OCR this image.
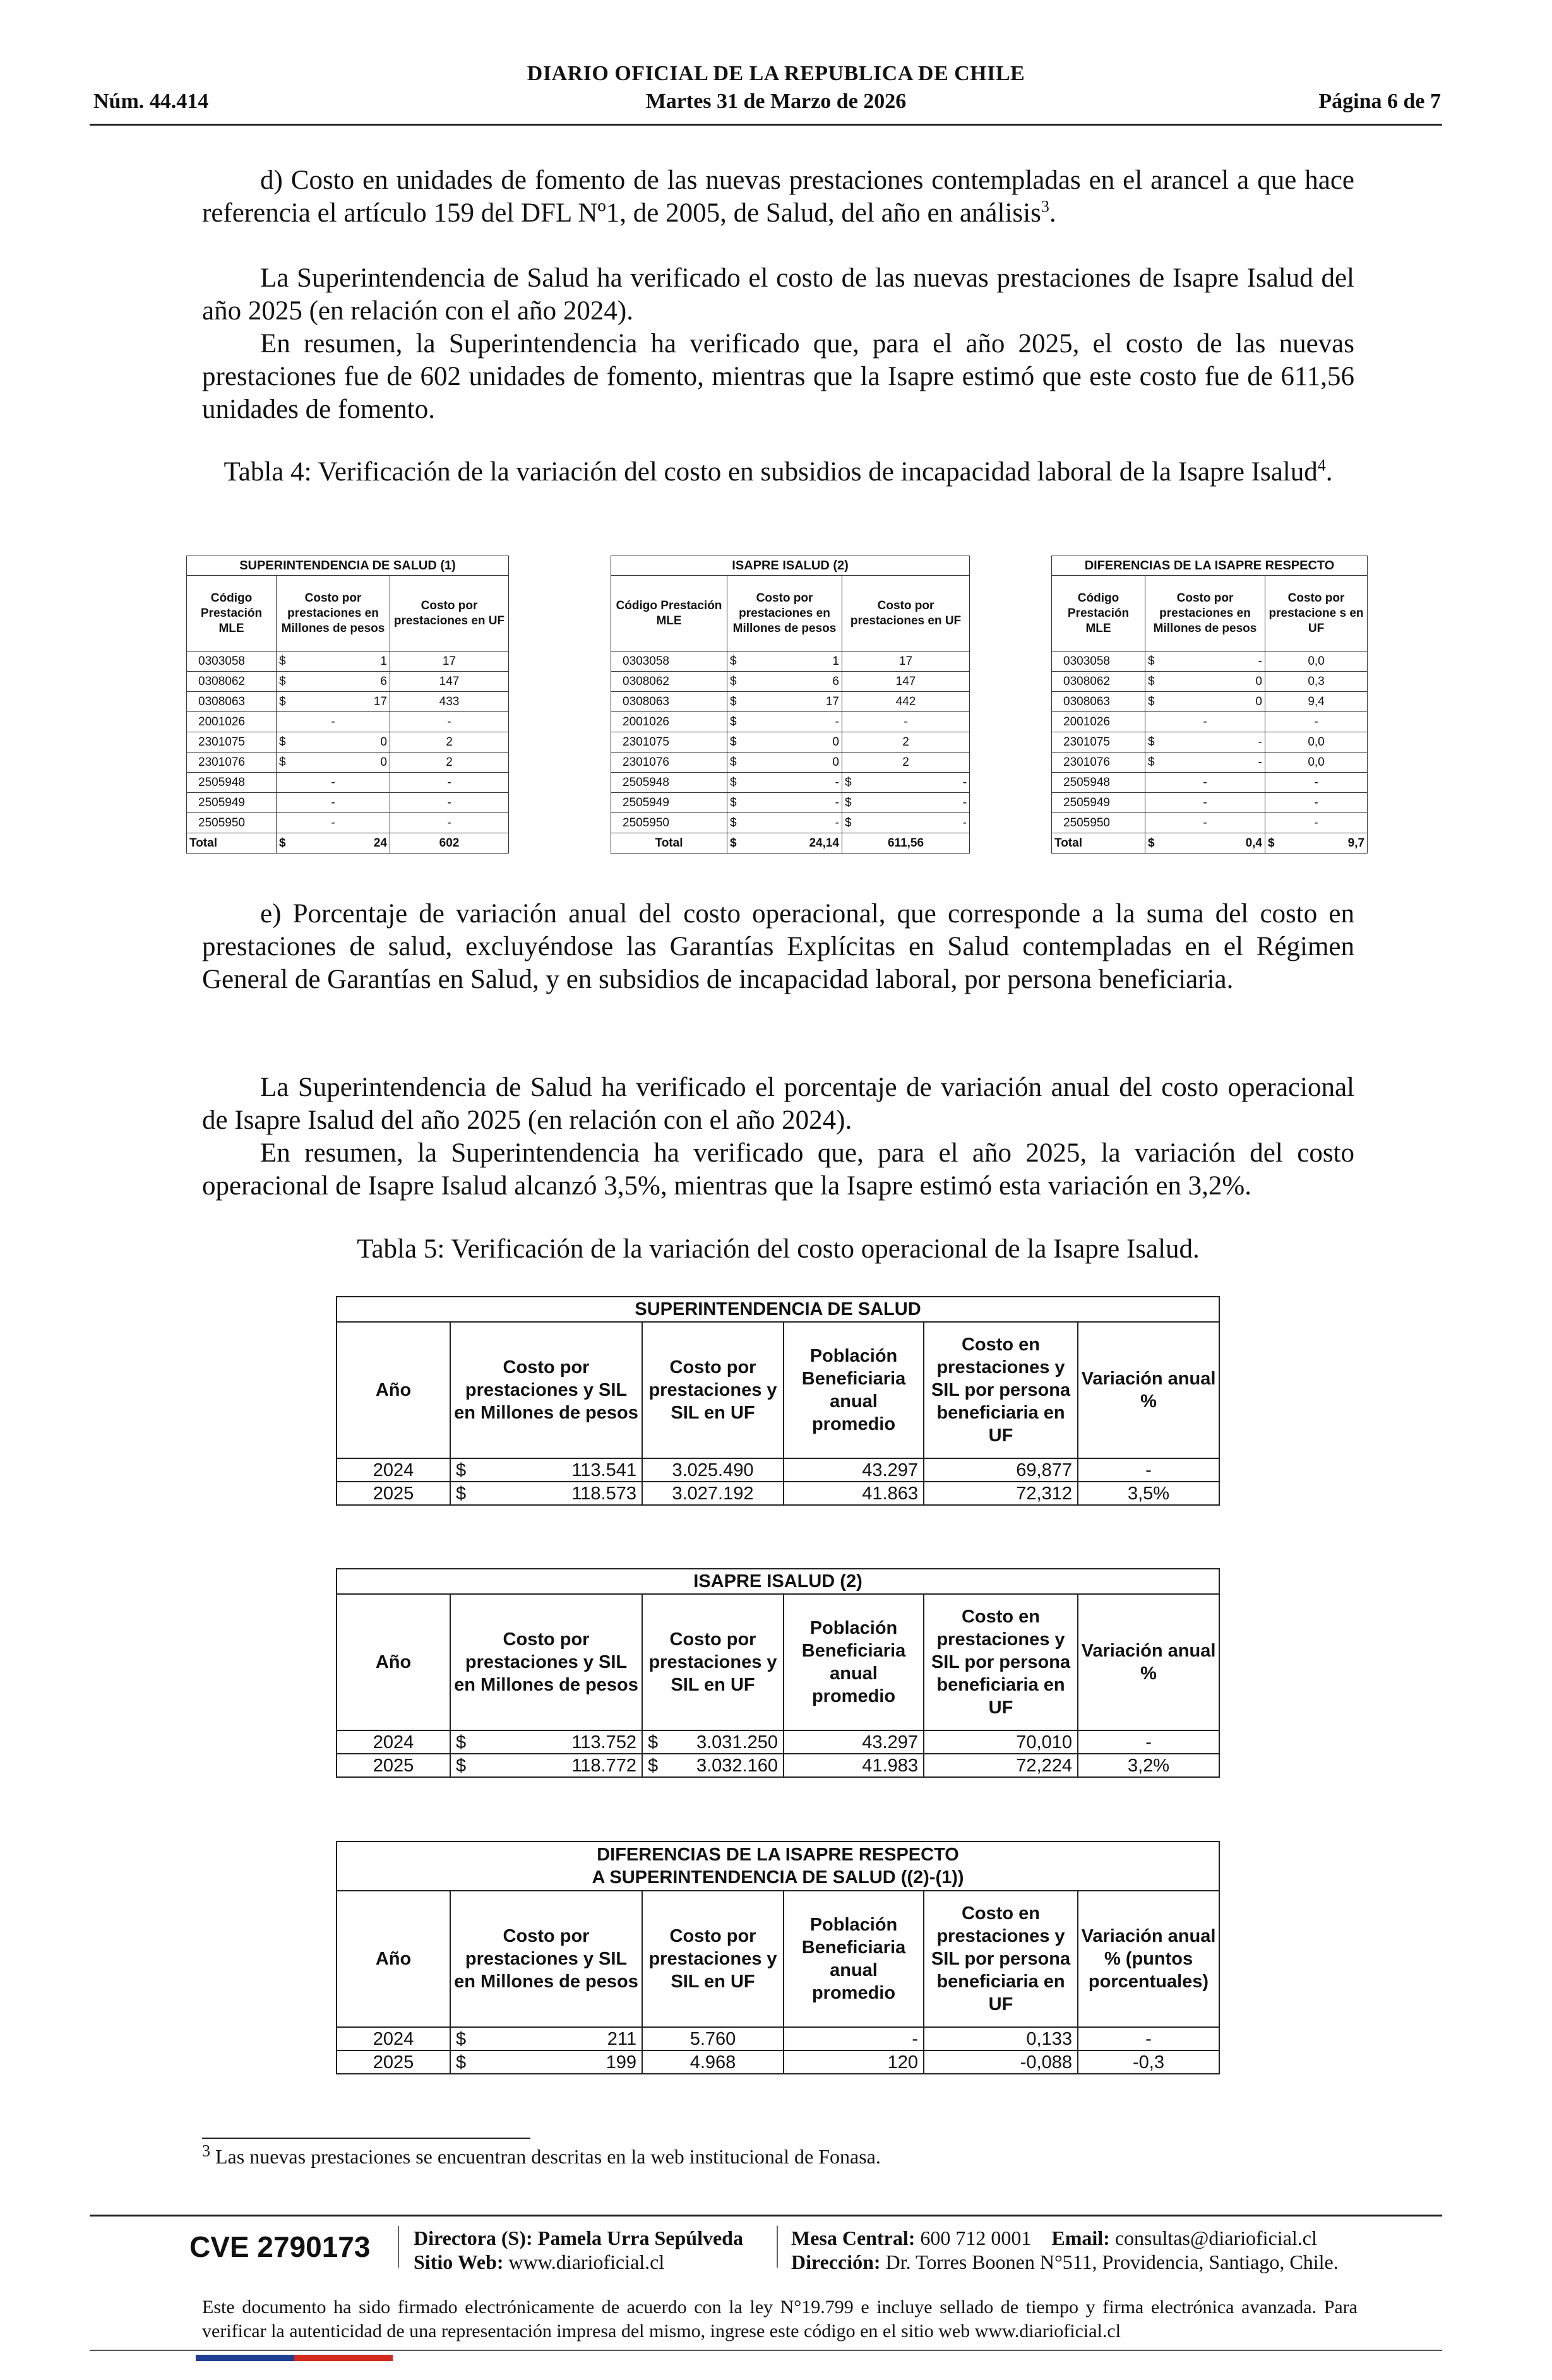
DIARIO OFICIAL DE LA REPUBLICA DE CHILE
Núm. 44.414	Martes 31 de Marzo de 2026	Página 6 de 7
d) Costo en unidades de fomento de las nuevas prestaciones contempladas en el arancel a que hace referencia el artículo 159 del DFL Nº1, de 2005, de Salud, del año en análisis$^3$.
La Superintendencia de Salud ha verificado el costo de las nuevas prestaciones de Isapre Isalud del año 2025 (en relación con el año 2024).
En resumen, la Superintendencia ha verificado que, para el año 2025, el costo de las nuevas prestaciones fue de 602 unidades de fomento, mientras que la Isapre estimó que este costo fue de 611,56 unidades de fomento.
Tabla 4: Verificación de la variación del costo en subsidios de incapacidad laboral de la Isapre Isalud$^4$.
SUPERINTENDENCIA DE SALUD (1)			
Código Prestación MLE	Costo por prestaciones en Millones de pesos		Costo por prestaciones en UF
0303058	$	1	17
0308062	$	6	147
0308063	$	17	433
2001026	-		-
2301075	$	0	2
2301076	$	0	2
2505948	-		-
2505949	-		-
2505950	-		-
Total	$	24	602
ISAPRE ISALUD (2)				
Código Prestación MLE	Costo por prestaciones en Millones de pesos		Costo por prestaciones en UF	
0303058	$	1	17	
0308062	$	6	147	
0308063	$	17	442	
2001026	$	-	-	
2301075	$	0	2	
2301076	$	0	2	
2505948	$	-	$	-
2505949	$	-	$	-
2505950	$	-	$	-
Total	$	24,14	611,56	
DIFERENCIAS DE LA ISAPRE RESPECTO				
Código Prestación MLE	Costo por prestaciones en Millones de pesos		Costo por prestacione s en UF	
0303058	$	-	0,0	
0308062	$	0	0,3	
0308063	$	0	9,4	
2001026	-		-	
2301075	$	-	0,0	
2301076	$	-	0,0	
2505948	-		-	
2505949	-		-	
2505950	-		-	
Total	$	0,4	$	9,7
e) Porcentaje de variación anual del costo operacional, que corresponde a la suma del costo en prestaciones de salud, excluyéndose las Garantías Explícitas en Salud contempladas en el Régimen General de Garantías en Salud, y en subsidios de incapacidad laboral, por persona beneficiaria.
La Superintendencia de Salud ha verificado el porcentaje de variación anual del costo operacional de Isapre Isalud del año 2025 (en relación con el año 2024).
En resumen, la Superintendencia ha verificado que, para el año 2025, la variación del costo operacional de Isapre Isalud alcanzó 3,5%, mientras que la Isapre estimó esta variación en 3,2%.
Tabla 5: Verificación de la variación del costo operacional de la Isapre Isalud.
SUPERINTENDENCIA DE SALUD						
Año	Costo por prestaciones y SIL en Millones de pesos		Costo por prestaciones y SIL en UF	Población Beneficiaria anual promedio	Costo en prestaciones y SIL por persona beneficiaria en UF	Variación anual %
2024	$	113.541	3.025.490	43.297	69,877	-
2025	$	118.573	3.027.192	41.863	72,312	3,5%
ISAPRE ISALUD (2)						
Año	Costo por prestaciones y SIL en Millones de pesos		Costo por prestaciones y SIL en UF	Población Beneficiaria anual promedio	Costo en prestaciones y SIL por persona beneficiaria en UF	Variación anual %
2024	$	113.752	$ 3.031.250	43.297	70,010	-
2025	$	118.772	$ 3.032.160	41.983	72,224	3,2%
DIFERENCIAS DE LA ISAPRE RESPECTO
A SUPERINTENDENCIA DE SALUD ((2)-(1))						
Año	Costo por prestaciones y SIL en Millones de pesos		Costo por prestaciones y SIL en UF	Población Beneficiaria anual promedio	Costo en prestaciones y SIL por persona beneficiaria en UF	Variación anual % (puntos porcentuales)
2024	$	211	5.760	-	0,133	-
2025	$	199	4.968	120	-0,088	-0,3
$^3$ Las nuevas prestaciones se encuentran descritas en la web institucional de Fonasa.
CVE 2790173 Directora (S): Pamela Urra Sepúlveda
Sitio Web: www.diarioficial.cl
Mesa Central: 600 712 0001 Email: consultas@diarioficial.cl
Dirección: Dr. Torres Boonen N°511, Providencia, Santiago, Chile.
Este documento ha sido firmado electrónicamente de acuerdo con la ley N°19.799 e incluye sellado de tiempo y firma electrónica avanzada. Para verificar la autenticidad de una representación impresa del mismo, ingrese este código en el sitio web www.diarioficial.cl
